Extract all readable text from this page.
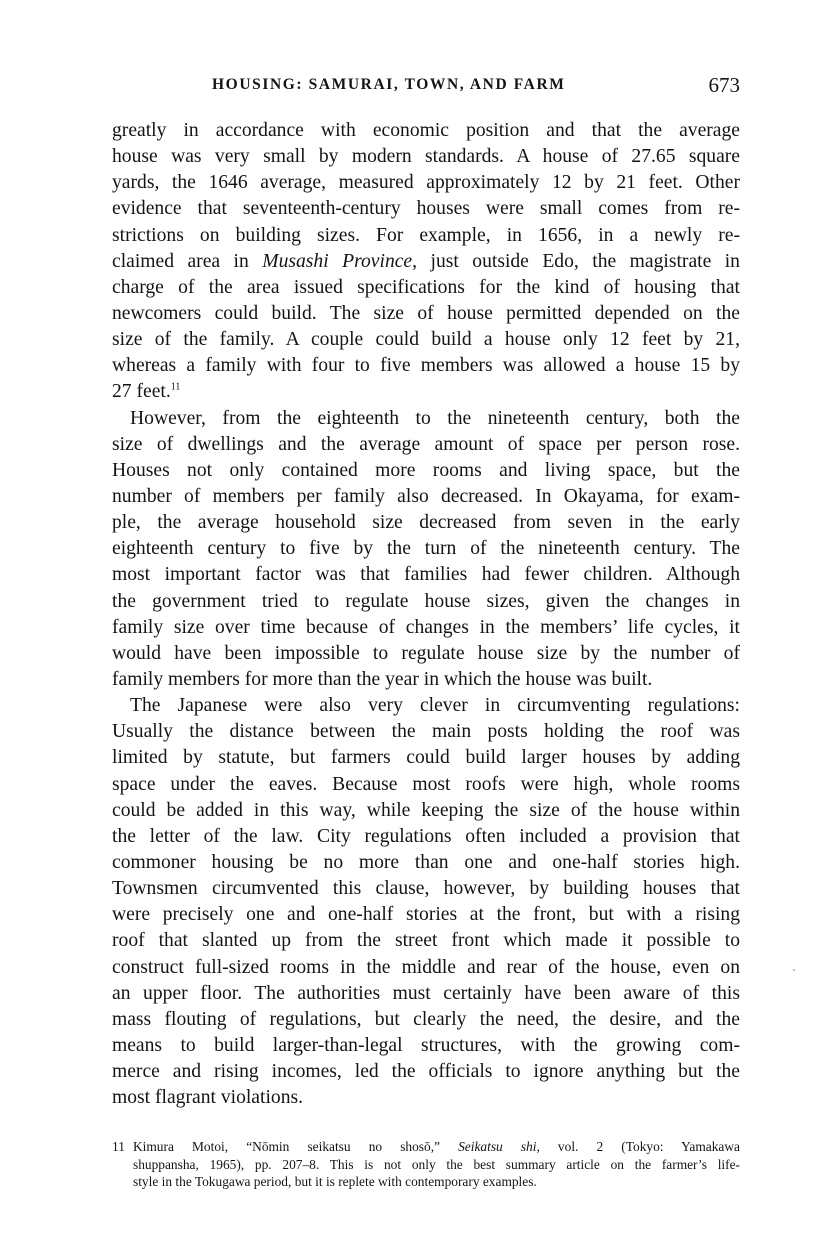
HOUSING: SAMURAI, TOWN, AND FARM	673
greatly in accordance with economic position and that the average
house was very small by modern standards. A house of 27.65 square
yards, the 1646 average, measured approximately 12 by 21 feet. Other
evidence that seventeenth-century houses were small comes from re-
strictions on building sizes. For example, in 1656, in a newly re-
claimed area in Musashi Province, just outside Edo, the magistrate in
charge of the area issued specifications for the kind of housing that
newcomers could build. The size of house permitted depended on the
size of the family. A couple could build a house only 12 feet by 21,
whereas a family with four to five members was allowed a house 15 by
27 feet.$^{11}$
However, from the eighteenth to the nineteenth century, both the
size of dwellings and the average amount of space per person rose.
Houses not only contained more rooms and living space, but the
number of members per family also decreased. In Okayama, for exam-
ple, the average household size decreased from seven in the early
eighteenth century to five by the turn of the nineteenth century. The
most important factor was that families had fewer children. Although
the government tried to regulate house sizes, given the changes in
family size over time because of changes in the members’ life cycles, it
would have been impossible to regulate house size by the number of
family members for more than the year in which the house was built.
The Japanese were also very clever in circumventing regulations:
Usually the distance between the main posts holding the roof was
limited by statute, but farmers could build larger houses by adding
space under the eaves. Because most roofs were high, whole rooms
could be added in this way, while keeping the size of the house within
the letter of the law. City regulations often included a provision that
commoner housing be no more than one and one-half stories high.
Townsmen circumvented this clause, however, by building houses that
were precisely one and one-half stories at the front, but with a rising
roof that slanted up from the street front which made it possible to
construct full-sized rooms in the middle and rear of the house, even on
an upper floor. The authorities must certainly have been aware of this
mass flouting of regulations, but clearly the need, the desire, and the
means to build larger-than-legal structures, with the growing com-
merce and rising incomes, led the officials to ignore anything but the
most flagrant violations.
11 Kimura Motoi, “Nōmin seikatsu no shosō,” Seikatsu shi, vol. 2 (Tokyo: Yamakawa
shuppansha, 1965), pp. 207–8. This is not only the best summary article on the farmer’s life-
style in the Tokugawa period, but it is replete with contemporary examples.
